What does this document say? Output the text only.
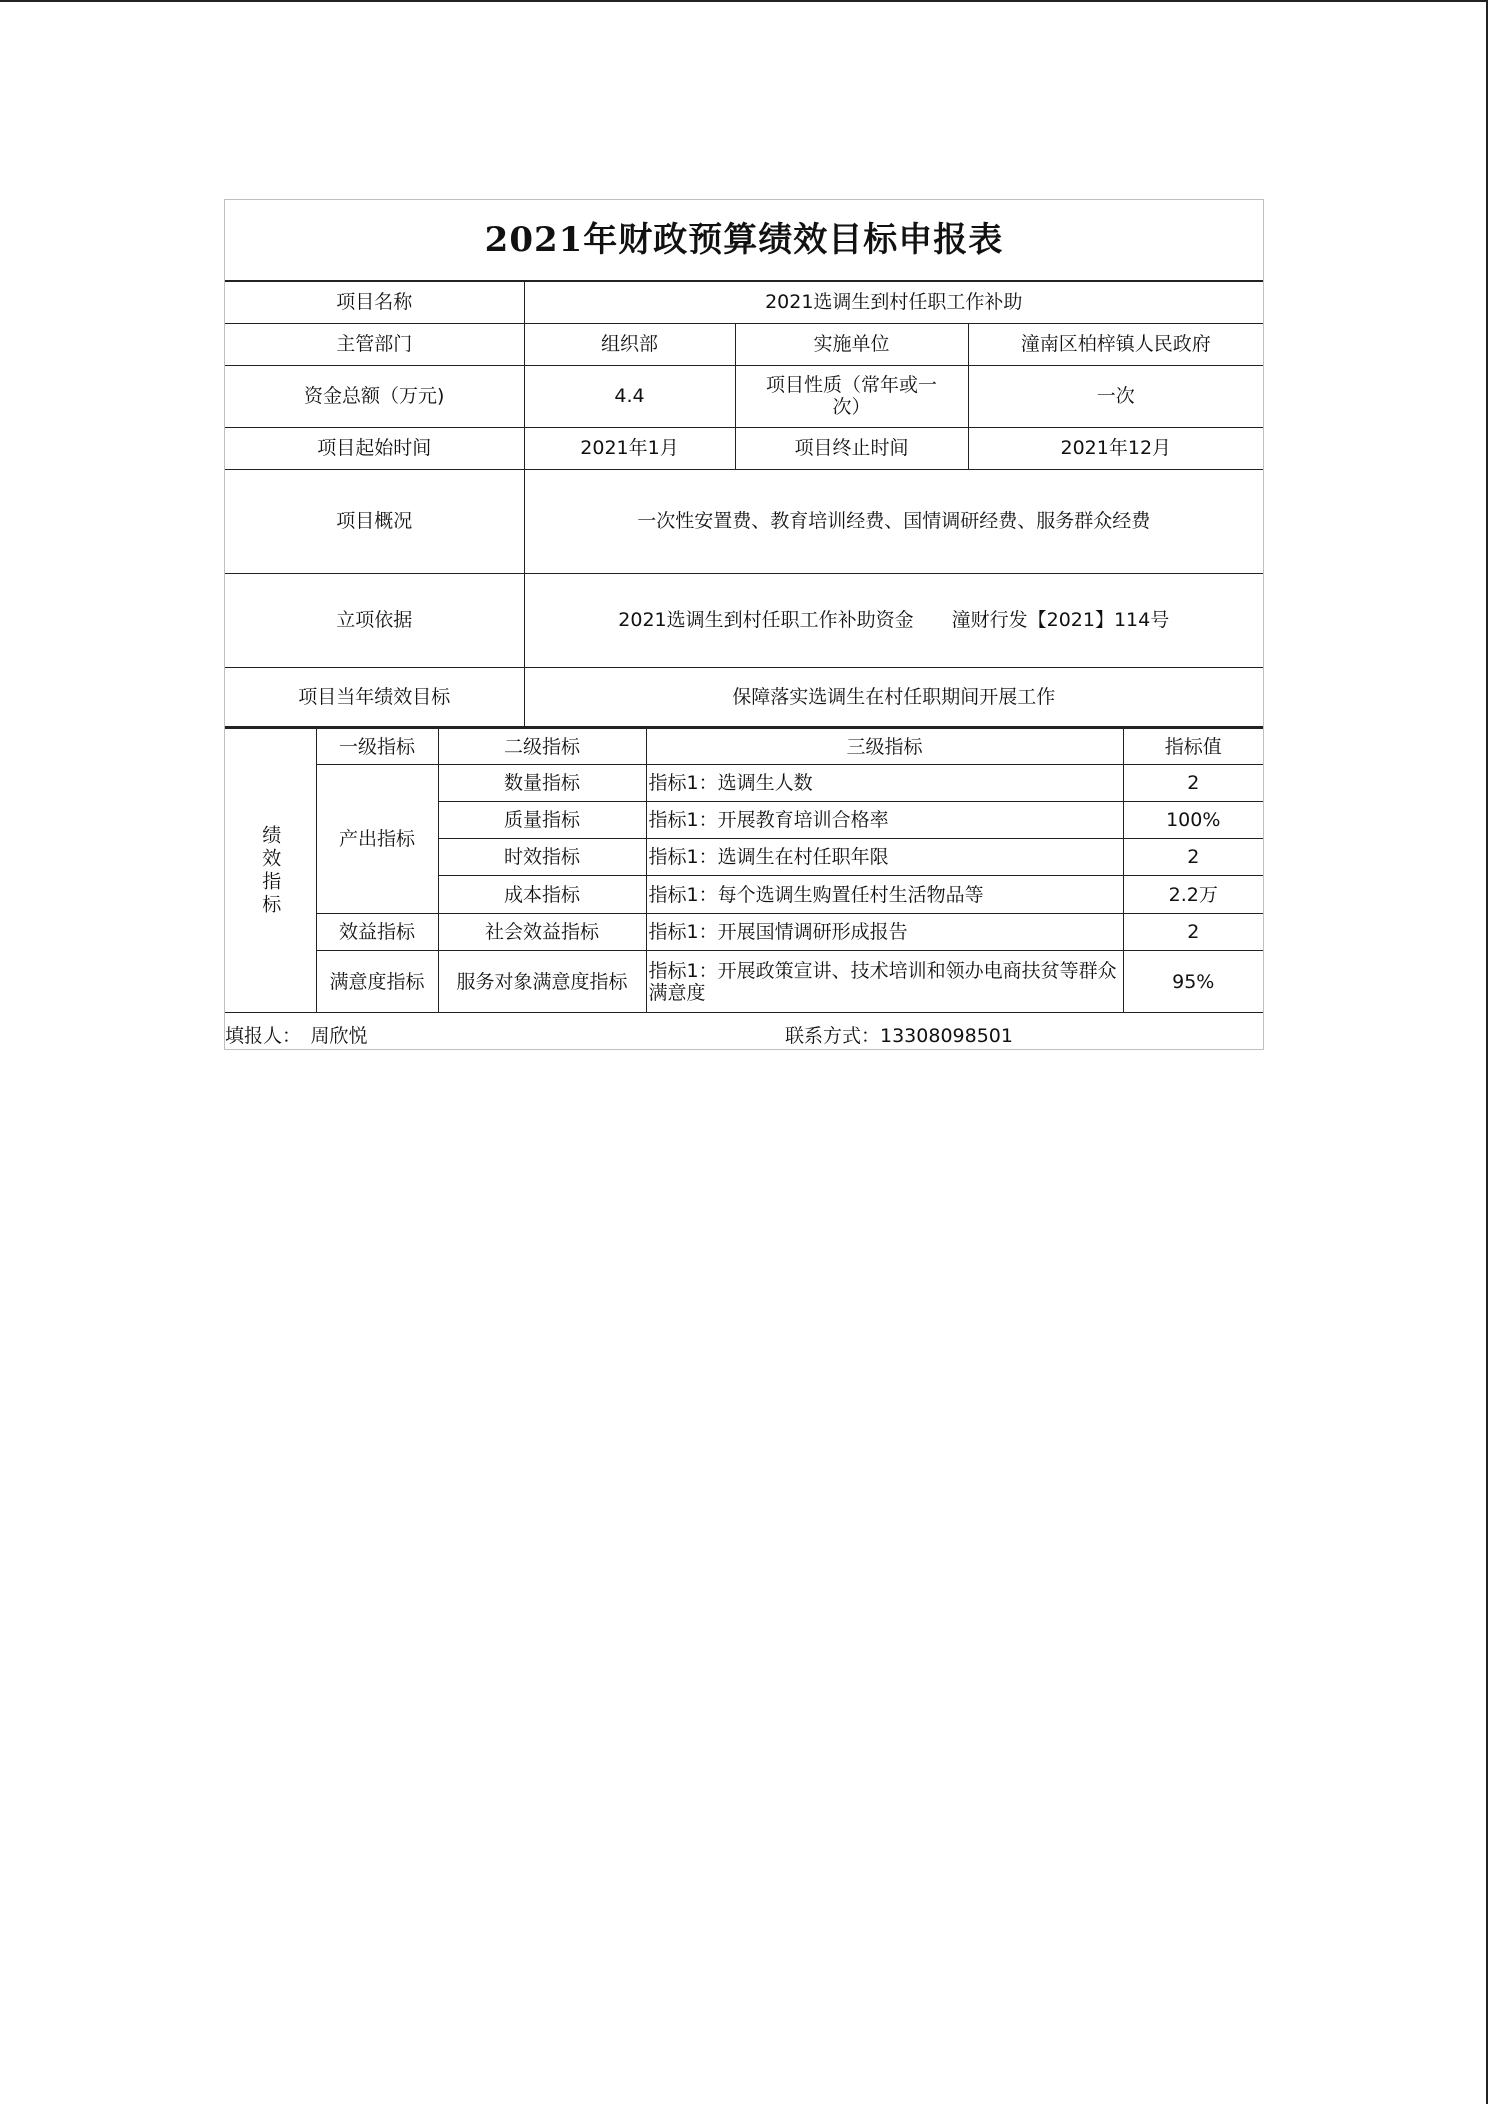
2021年财政预算绩效目标申报表
项目名称	2021选调生到村任职工作补助		
主管部门	组织部	实施单位	潼南区柏梓镇人民政府
资金总额（万元)	4.4	项目性质（常年或一次）	一次
项目起始时间	2021年1月	项目终止时间	2021年12月
项目概况	一次性安置费、教育培训经费、国情调研经费、服务群众经费		
立项依据	2021选调生到村任职工作补助资金　　潼财行发【2021】114号		
项目当年绩效目标	保障落实选调生在村任职期间开展工作		
绩效指标	一级指标	二级指标	三级指标	指标值
	产出指标	数量指标	指标1：选调生人数	2
		质量指标	指标1：开展教育培训合格率	100%
		时效指标	指标1：选调生在村任职年限	2
		成本指标	指标1：每个选调生购置任村生活物品等	2.2万
	效益指标	社会效益指标	指标1：开展国情调研形成报告	2
	满意度指标	服务对象满意度指标	指标1：开展政策宣讲、技术培训和领办电商扶贫等群众满意度	95%
填报人：　周欣悦	联系方式：13308098501
